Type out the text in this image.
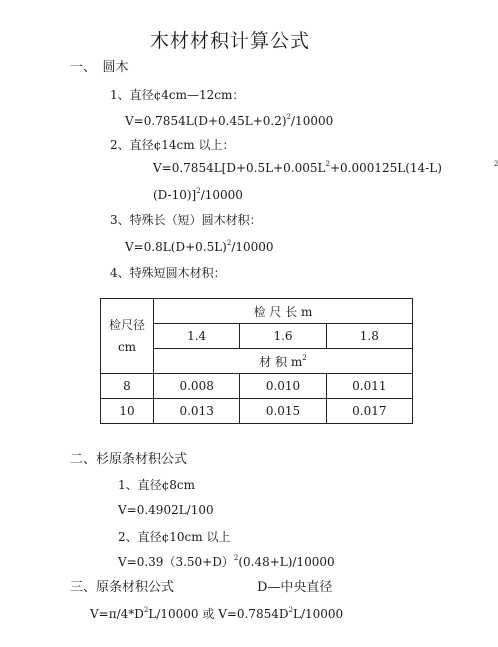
木材材积计算公式
一、　圆木
1、直径¢4cm—12cm：
$V=0.7854L(D+0.45L+0.2)^2/10000$
2、直径¢14cm 以上：
$V=0.7854L[D+0.5L+0.005L^2+0.000125L(14-L)$	$^2$
(D-10)]$^2$/10000
3、特殊长（短）圆木材积：
$V=0.8L(D+0.5L)^2/10000$
4、特殊短圆木材积：
检尺径
cm	检 尺 长 m		
	1.4	1.6	1.8
	材 积 $m^2$
8	0.008	0.010	0.011
10	0.013	0.015	0.017
二、杉原条材积公式
1、直径¢8cm
V=0.4902L/100
2、直径¢10cm 以上
$V=0.39(3.50+D)^2(0.48+L)/10000$
三、原条材积公式	D—中央直径
$V=\pi/4*D^2L/10000$ 或 $V=0.7854D^2L/10000$
